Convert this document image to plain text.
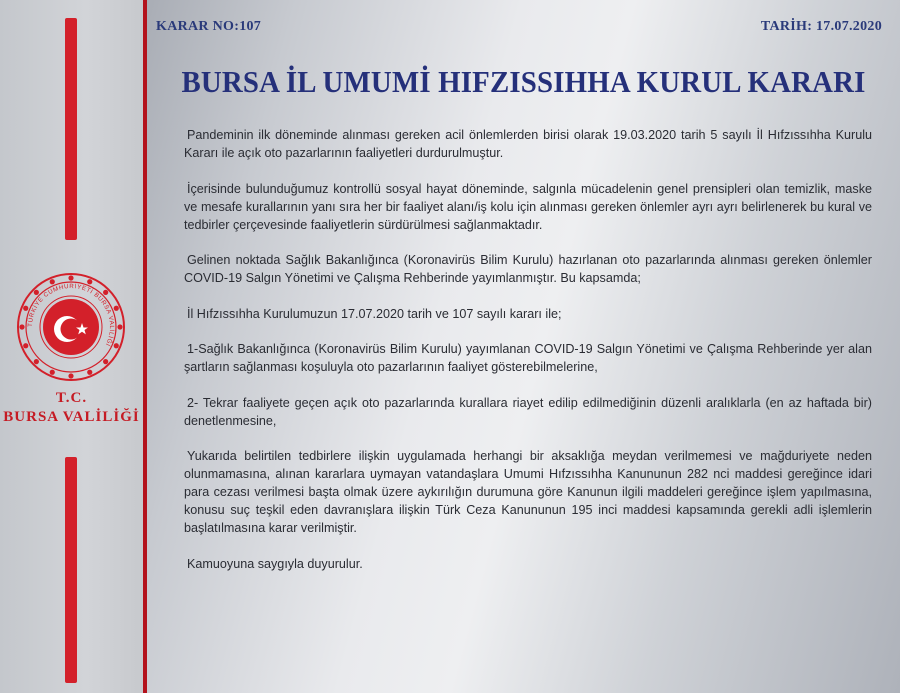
TÜRKİYE CUMHURİYETİ BURSA VALİLİĞİ
T.C.
BURSA VALİLİĞİ
KARAR NO:107	TARİH: 17.07.2020
BURSA İL UMUMİ HIFZISSIHHA KURUL KARARI

Pandeminin ilk döneminde alınması gereken acil önlemlerden birisi olarak 19.03.2020 tarih 5 sayılı İl Hıfzıssıhha Kurulu Kararı ile açık oto pazarlarının faaliyetleri durdurulmuştur.

İçerisinde bulunduğumuz kontrollü sosyal hayat döneminde, salgınla mücadelenin genel prensipleri olan temizlik, maske ve mesafe kurallarının yanı sıra her bir faaliyet alanı/iş kolu için alınması gereken önlemler ayrı ayrı belirlenerek bu kural ve tedbirler çerçevesinde faaliyetlerin sürdürülmesi sağlanmaktadır.

Gelinen noktada Sağlık Bakanlığınca (Koronavirüs Bilim Kurulu) hazırlanan oto pazarlarında alınması gereken önlemler COVID-19 Salgın Yönetimi ve Çalışma Rehberinde yayımlanmıştır. Bu kapsamda;

İl Hıfzıssıhha Kurulumuzun 17.07.2020 tarih ve 107 sayılı kararı ile;

1-Sağlık Bakanlığınca (Koronavirüs Bilim Kurulu) yayımlanan COVID-19 Salgın Yönetimi ve Çalışma Rehberinde yer alan şartların sağlanması koşuluyla oto pazarlarının faaliyet gösterebilmelerine,

2- Tekrar faaliyete geçen açık oto pazarlarında kurallara riayet edilip edilmediğinin düzenli aralıklarla (en az haftada bir) denetlenmesine,

Yukarıda belirtilen tedbirlere ilişkin uygulamada herhangi bir aksaklığa meydan verilmemesi ve mağduriyete neden olunmamasına, alınan kararlara uymayan vatandaşlara Umumi Hıfzıssıhha Kanununun 282 nci maddesi gereğince idari para cezası verilmesi başta olmak üzere aykırılığın durumuna göre Kanunun ilgili maddeleri gereğince işlem yapılmasına, konusu suç teşkil eden davranışlara ilişkin Türk Ceza Kanununun 195 inci maddesi kapsamında gerekli adli işlemlerin başlatılmasına karar verilmiştir.

Kamuoyuna saygıyla duyurulur.
